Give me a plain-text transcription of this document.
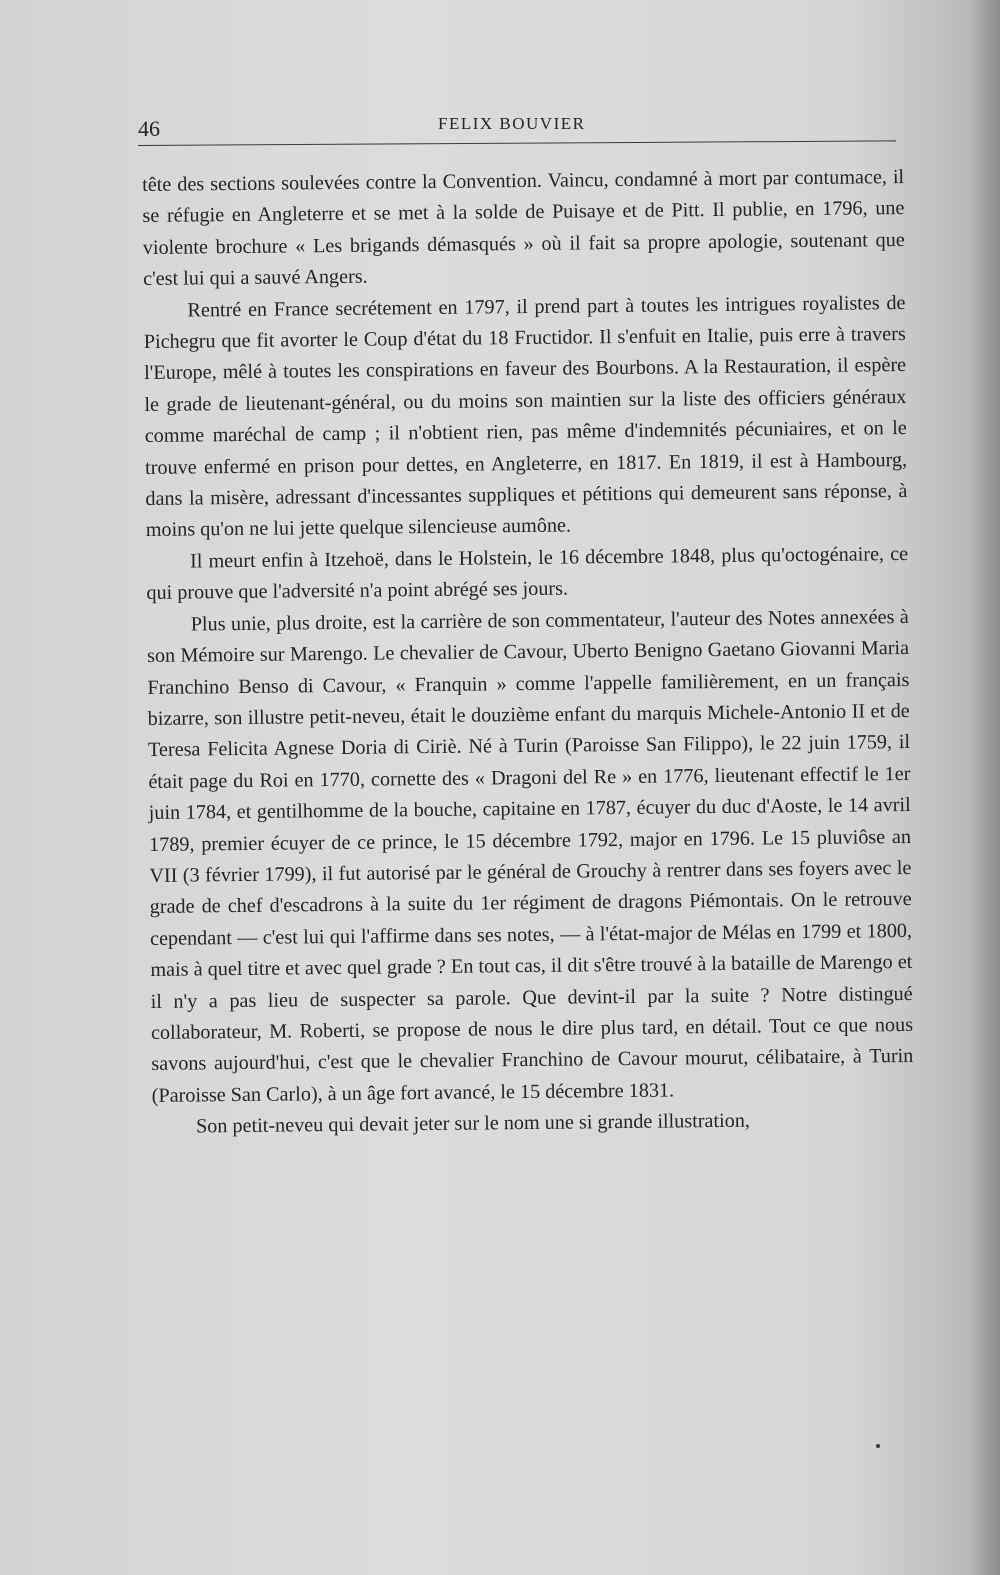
46	FELIX BOUVIER

tête des sections soulevées contre la Convention. Vaincu, condamné à mort par contumace, il se réfugie en Angleterre et se met à la solde de Puisaye et de Pitt. Il publie, en 1796, une violente brochure « Les brigands démasqués » où il fait sa propre apologie, soutenant que c'est lui qui a sauvé Angers.

Rentré en France secrétement en 1797, il prend part à toutes les intrigues royalistes de Pichegru que fit avorter le Coup d'état du 18 Fructidor. Il s'enfuit en Italie, puis erre à travers l'Europe, mêlé à toutes les conspirations en faveur des Bourbons. A la Restauration, il espère le grade de lieutenant-général, ou du moins son maintien sur la liste des officiers généraux comme maréchal de camp ; il n'obtient rien, pas même d'indemnités pécuniaires, et on le trouve enfermé en prison pour dettes, en Angleterre, en 1817. En 1819, il est à Hambourg, dans la misère, adressant d'incessantes suppliques et pétitions qui demeurent sans réponse, à moins qu'on ne lui jette quelque silencieuse aumône.

Il meurt enfin à Itzehoë, dans le Holstein, le 16 décembre 1848, plus qu'octogénaire, ce qui prouve que l'adversité n'a point abrégé ses jours.

Plus unie, plus droite, est la carrière de son commentateur, l'auteur des Notes annexées à son Mémoire sur Marengo. Le chevalier de Cavour, Uberto Benigno Gaetano Giovanni Maria Franchino Benso di Cavour, « Franquin » comme l'appelle familièrement, en un français bizarre, son illustre petit-neveu, était le douzième enfant du marquis Michele-Antonio II et de Teresa Felicita Agnese Doria di Ciriè. Né à Turin (Paroisse San Filippo), le 22 juin 1759, il était page du Roi en 1770, cornette des « Dragoni del Re » en 1776, lieutenant effectif le 1er juin 1784, et gentilhomme de la bouche, capitaine en 1787, écuyer du duc d'Aoste, le 14 avril 1789, premier écuyer de ce prince, le 15 décembre 1792, major en 1796. Le 15 pluviôse an VII (3 février 1799), il fut autorisé par le général de Grouchy à rentrer dans ses foyers avec le grade de chef d'escadrons à la suite du 1er régiment de dragons Piémontais. On le retrouve cependant — c'est lui qui l'affirme dans ses notes, — à l'état-major de Mélas en 1799 et 1800, mais à quel titre et avec quel grade ? En tout cas, il dit s'être trouvé à la bataille de Marengo et il n'y a pas lieu de suspecter sa parole. Que devint-il par la suite ? Notre distingué collaborateur, M. Roberti, se propose de nous le dire plus tard, en détail. Tout ce que nous savons aujourd'hui, c'est que le chevalier Franchino de Cavour mourut, célibataire, à Turin (Paroisse San Carlo), à un âge fort avancé, le 15 décembre 1831.

Son petit-neveu qui devait jeter sur le nom une si grande illustration,
